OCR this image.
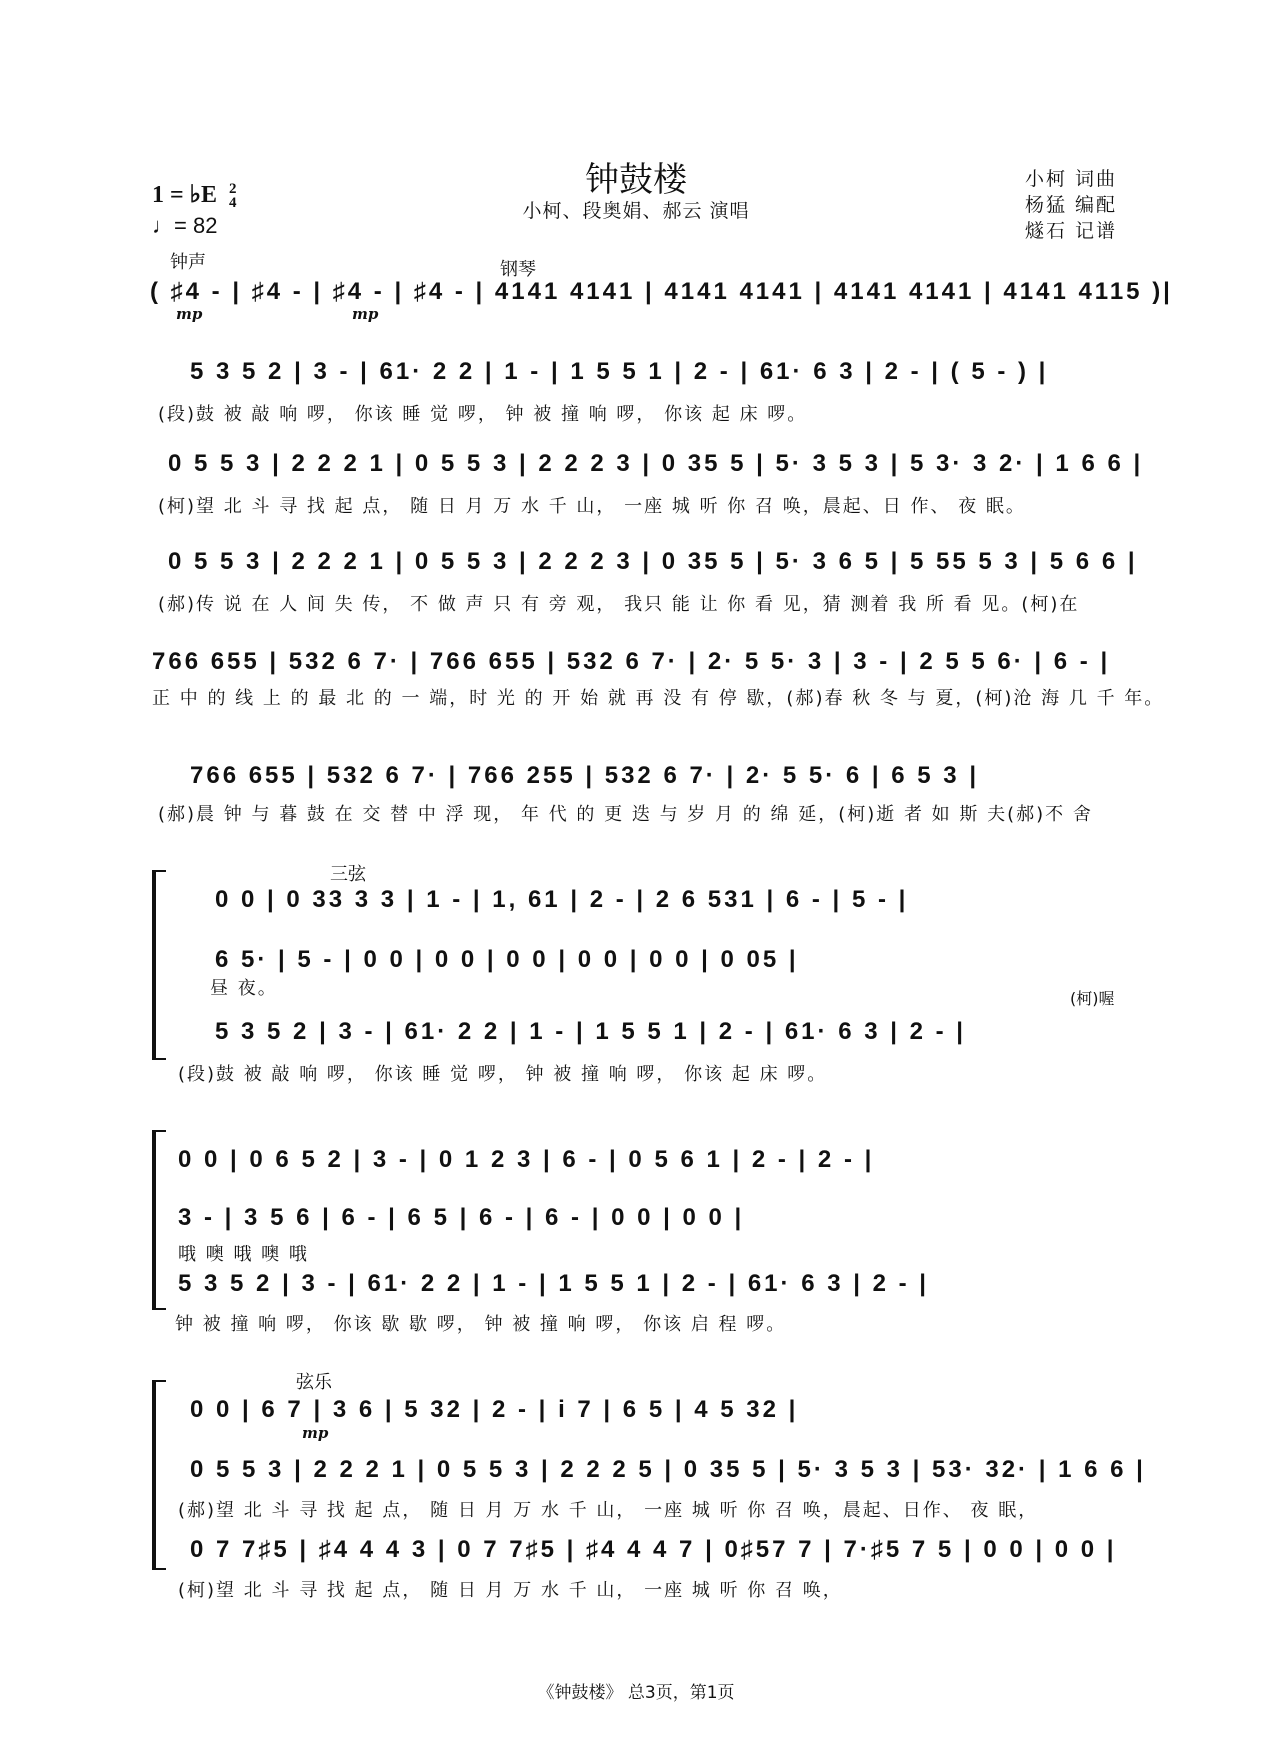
钟鼓楼
小柯、段奥娟、郝云 演唱
小柯 词曲
杨猛 编配
燧石 记谱
1 = ♭E 2
4
♩= 82
钟声	钢琴
mp	mp
( ♯4 - | ♯4 - | ♯4 - | ♯4 - | 4141 4141 | 4141 4141 | 4141 4141 | 4141 4115 )|
5 3 5 2 | 3 - | 61· 2 2 | 1 - | 1 5 5 1 | 2 - | 61· 6 3 | 2 - | ( 5 - ) |
(段)鼓 被 敲 响 啰， 你该 睡 觉 啰， 钟 被 撞 响 啰， 你该 起 床 啰。
0 5 5 3 | 2 2 2 1 | 0 5 5 3 | 2 2 2 3 | 0 35 5 | 5· 3 5 3 | 5 3· 3 2· | 1 6 6 |
(柯)望 北 斗 寻 找 起 点， 随 日 月 万 水 千 山， 一座 城 听 你 召 唤，晨起、日 作、 夜 眠。
0 5 5 3 | 2 2 2 1 | 0 5 5 3 | 2 2 2 3 | 0 35 5 | 5· 3 6 5 | 5 55 5 3 | 5 6 6 |
(郝)传 说 在 人 间 失 传， 不 做 声 只 有 旁 观， 我只 能 让 你 看 见，猜 测着 我 所 看 见。(柯)在
766 655 | 532 6 7· | 766 655 | 532 6 7· | 2· 5 5· 3 | 3 - | 2 5 5 6· | 6 - |
正 中 的 线 上 的 最 北 的 一 端，时 光 的 开 始 就 再 没 有 停 歇，(郝)春 秋 冬 与 夏，(柯)沧 海 几 千 年。
766 655 | 532 6 7· | 766 255 | 532 6 7· | 2· 5 5· 6 | 6 5 3 |
(郝)晨 钟 与 暮 鼓 在 交 替 中 浮 现， 年 代 的 更 迭 与 岁 月 的 绵 延，(柯)逝 者 如 斯 夫(郝)不 舍
三弦
0 0 | 0 33 3 3 | 1 - | 1, 61 | 2 - | 2 6 531 | 6 - | 5 - |
6 5· | 5 - | 0 0 | 0 0 | 0 0 | 0 0 | 0 0 | 0 05 |
昼 夜。	(柯)喔
5 3 5 2 | 3 - | 61· 2 2 | 1 - | 1 5 5 1 | 2 - | 61· 6 3 | 2 - |
(段)鼓 被 敲 响 啰， 你该 睡 觉 啰， 钟 被 撞 响 啰， 你该 起 床 啰。
0 0 | 0 6 5 2 | 3 - | 0 1 2 3 | 6 - | 0 5 6 1 | 2 - | 2 - |
3 - | 3 5 6 | 6 - | 6 5 | 6 - | 6 - | 0 0 | 0 0 |
哦 噢 哦 噢 哦
5 3 5 2 | 3 - | 61· 2 2 | 1 - | 1 5 5 1 | 2 - | 61· 6 3 | 2 - |
钟 被 撞 响 啰， 你该 歇 歇 啰， 钟 被 撞 响 啰， 你该 启 程 啰。
弦乐
mp
0 0 | 6 7 | 3 6 | 5 32 | 2 - | i 7 | 6 5 | 4 5 32 |
0 5 5 3 | 2 2 2 1 | 0 5 5 3 | 2 2 2 5 | 0 35 5 | 5· 3 5 3 | 53· 32· | 1 6 6 |
(郝)望 北 斗 寻 找 起 点， 随 日 月 万 水 千 山， 一座 城 听 你 召 唤，晨起、日作、 夜 眠，
0 7 7♯5 | ♯4 4 4 3 | 0 7 7♯5 | ♯4 4 4 7 | 0♯57 7 | 7·♯5 7 5 | 0 0 | 0 0 |
(柯)望 北 斗 寻 找 起 点， 随 日 月 万 水 千 山， 一座 城 听 你 召 唤，
《钟鼓楼》 总3页，第1页
